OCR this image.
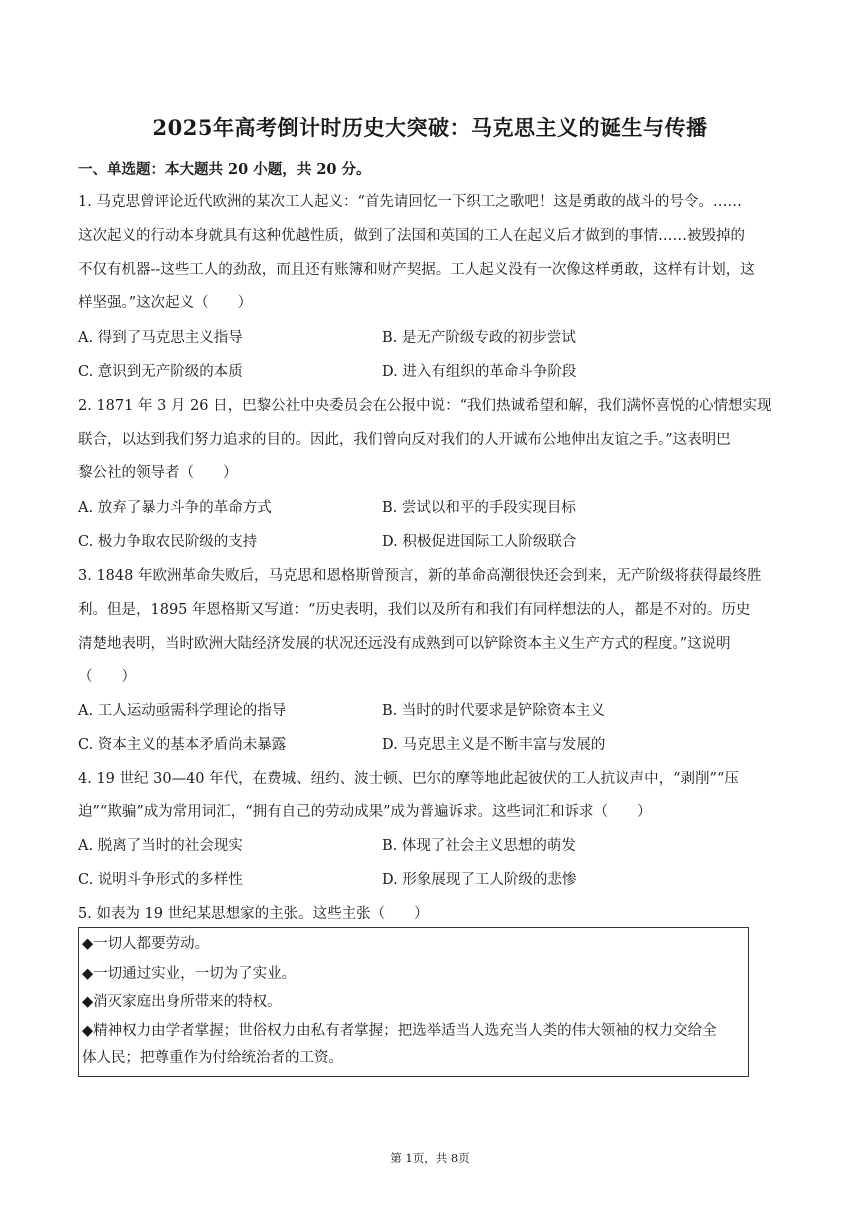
2025年高考倒计时历史大突破：马克思主义的诞生与传播
一、单选题：本大题共 20 小题，共 20 分。
1. 马克思曾评论近代欧洲的某次工人起义：“首先请回忆一下织工之歌吧！这是勇敢的战斗的号令。……
这次起义的行动本身就具有这种优越性质，做到了法国和英国的工人在起义后才做到的事情……被毁掉的
不仅有机器--这些工人的劲敌，而且还有账簿和财产契据。工人起义没有一次像这样勇敢，这样有计划，这
样坚强。”这次起义（　　）
A. 得到了马克思主义指导	B. 是无产阶级专政的初步尝试
C. 意识到无产阶级的本质	D. 进入有组织的革命斗争阶段
2. 1871 年 3 月 26 日，巴黎公社中央委员会在公报中说：“我们热诚希望和解，我们满怀喜悦的心情想实现
联合，以达到我们努力追求的目的。因此，我们曾向反对我们的人开诚布公地伸出友谊之手。”这表明巴
黎公社的领导者（　　）
A. 放弃了暴力斗争的革命方式	B. 尝试以和平的手段实现目标
C. 极力争取农民阶级的支持	D. 积极促进国际工人阶级联合
3. 1848 年欧洲革命失败后，马克思和恩格斯曾预言，新的革命高潮很快还会到来，无产阶级将获得最终胜
利。但是，1895 年恩格斯又写道：“历史表明，我们以及所有和我们有同样想法的人，都是不对的。历史
清楚地表明，当时欧洲大陆经济发展的状况还远没有成熟到可以铲除资本主义生产方式的程度。”这说明
（　　）
A. 工人运动亟需科学理论的指导	B. 当时的时代要求是铲除资本主义
C. 资本主义的基本矛盾尚未暴露	D. 马克思主义是不断丰富与发展的
4. 19 世纪 30—40 年代，在费城、纽约、波士顿、巴尔的摩等地此起彼伏的工人抗议声中，“剥削”“压
迫”“欺骗”成为常用词汇，“拥有自己的劳动成果”成为普遍诉求。这些词汇和诉求（　　）
A. 脱离了当时的社会现实	B. 体现了社会主义思想的萌发
C. 说明斗争形式的多样性	D. 形象展现了工人阶级的悲惨
5. 如表为 19 世纪某思想家的主张。这些主张（　　）
◆一切人都要劳动。
◆一切通过实业，一切为了实业。
◆消灭家庭出身所带来的特权。
◆精神权力由学者掌握；世俗权力由私有者掌握；把选举适当人选充当人类的伟大领袖的权力交给全
体人民；把尊重作为付给统治者的工资。
第 1页，共 8页
